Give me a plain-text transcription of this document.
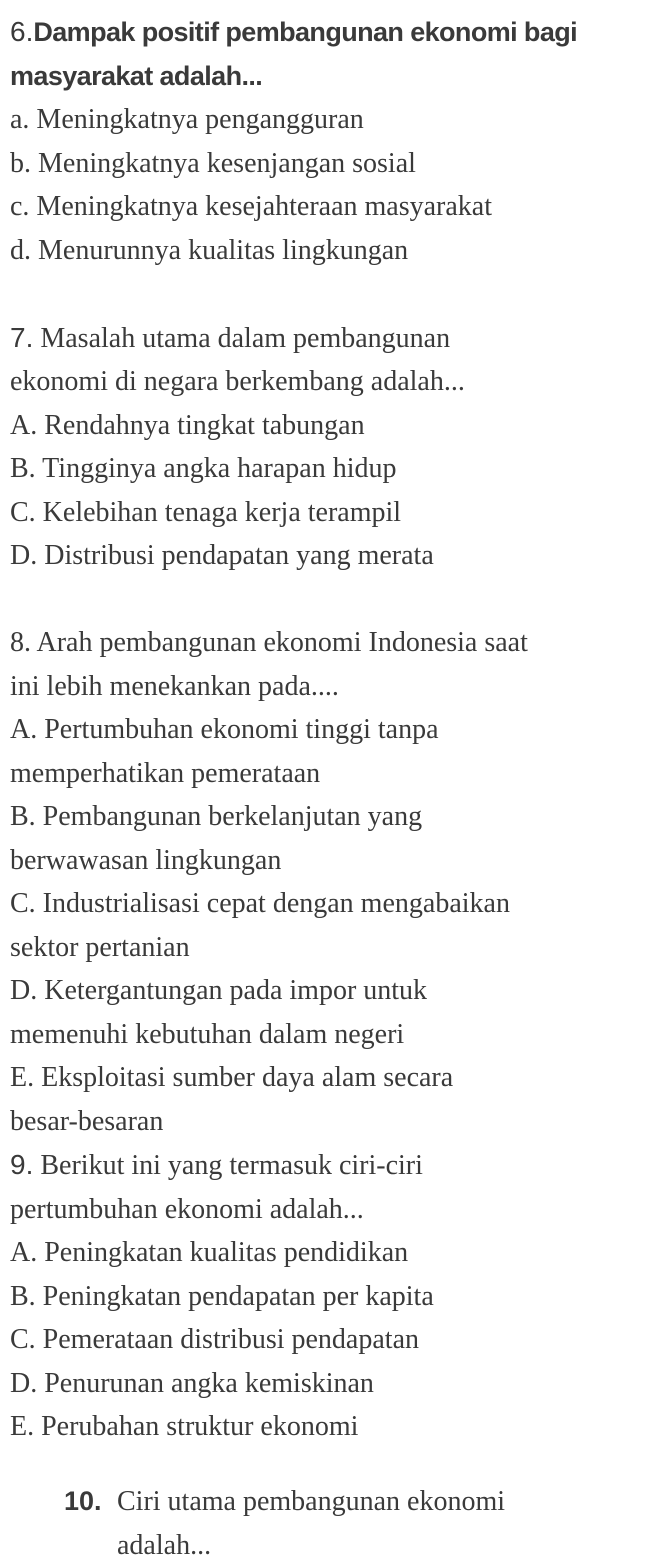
6.Dampak positif pembangunan ekonomi bagi
masyarakat adalah...
a. Meningkatnya pengangguran
b. Meningkatnya kesenjangan sosial
c. Meningkatnya kesejahteraan masyarakat
d. Menurunnya kualitas lingkungan
7. Masalah utama dalam pembangunan
ekonomi di negara berkembang adalah...
A. Rendahnya tingkat tabungan
B. Tingginya angka harapan hidup
C. Kelebihan tenaga kerja terampil
D. Distribusi pendapatan yang merata
8. Arah pembangunan ekonomi Indonesia saat
ini lebih menekankan pada....
A. Pertumbuhan ekonomi tinggi tanpa
memperhatikan pemerataan
B. Pembangunan berkelanjutan yang
berwawasan lingkungan
C. Industrialisasi cepat dengan mengabaikan
sektor pertanian
D. Ketergantungan pada impor untuk
memenuhi kebutuhan dalam negeri
E. Eksploitasi sumber daya alam secara
besar-besaran
9. Berikut ini yang termasuk ciri-ciri
pertumbuhan ekonomi adalah...
A. Peningkatan kualitas pendidikan
B. Peningkatan pendapatan per kapita
C. Pemerataan distribusi pendapatan
D. Penurunan angka kemiskinan
E. Perubahan struktur ekonomi
10. Ciri utama pembangunan ekonomi
adalah...
